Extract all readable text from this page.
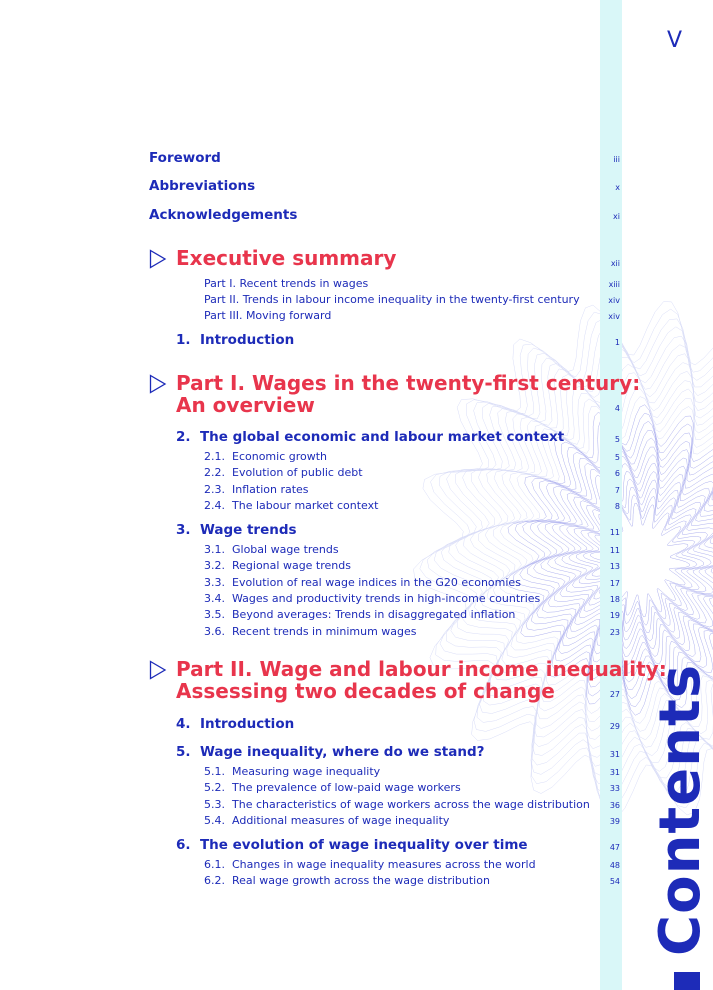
V
Foreword	iii
Abbreviations	x
Acknowledgements	xi
Executive summary	xii
Part I. Recent trends in wages	xiii
Part II. Trends in labour income inequality in the twenty-first century	xiv
Part III. Moving forward	xiv
1. Introduction	1
Part I. Wages in the twenty-first century:
An overview	4
2. The global economic and labour market context	5
2.1. Economic growth	5
2.2. Evolution of public debt	6
2.3. Inflation rates	7
2.4. The labour market context	8
3. Wage trends	11
3.1. Global wage trends	11
3.2. Regional wage trends	13
3.3. Evolution of real wage indices in the G20 economies	17
3.4. Wages and productivity trends in high-income countries	18
3.5. Beyond averages: Trends in disaggregated inflation	19
3.6. Recent trends in minimum wages	23
Part II. Wage and labour income inequality:
Assessing two decades of change	27
4. Introduction	29
5. Wage inequality, where do we stand?	31
5.1. Measuring wage inequality	31
5.2. The prevalence of low-paid wage workers	33
5.3. The characteristics of wage workers across the wage distribution	36
5.4. Additional measures of wage inequality	39
6. The evolution of wage inequality over time	47
6.1. Changes in wage inequality measures across the world	48
6.2. Real wage growth across the wage distribution	54 Contents
